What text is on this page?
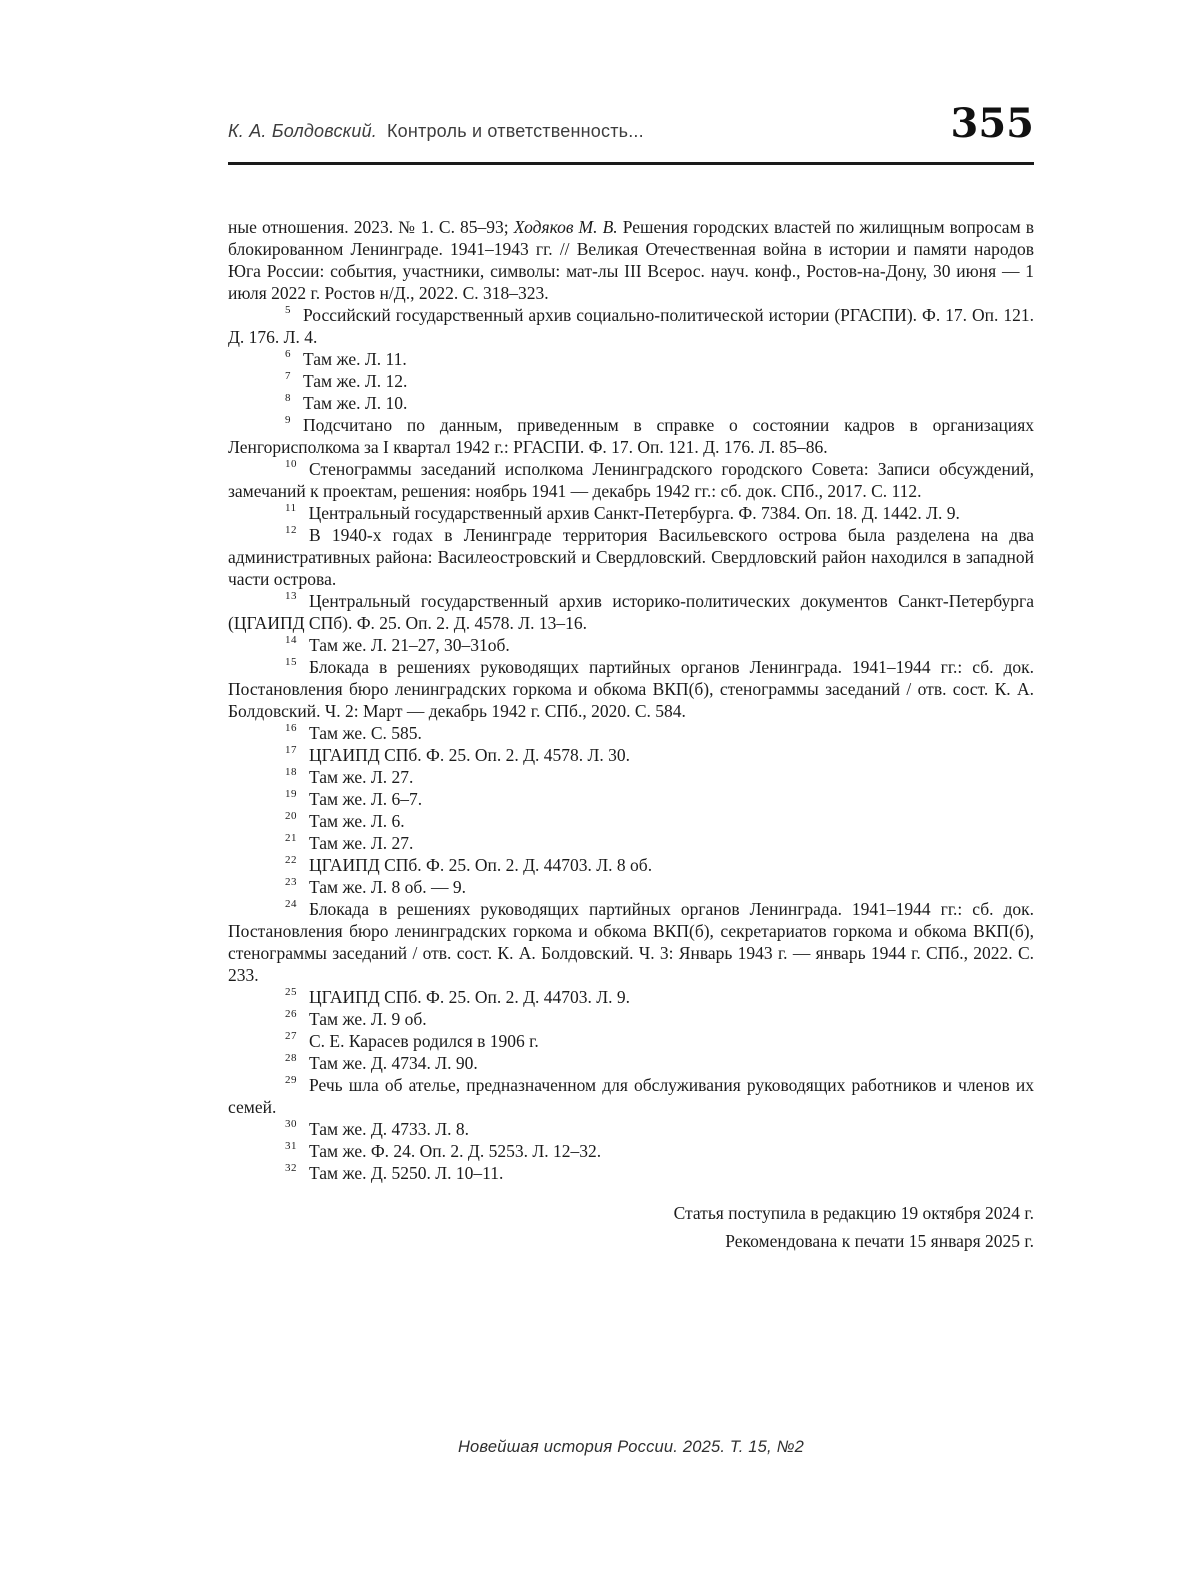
К. А. Болдовский. Контроль и ответственность...	355

ные отношения. 2023. № 1. С. 85–93; Ходяков М. В. Решения городских властей по жилищным вопросам в блокированном Ленинграде. 1941–1943 гг. // Великая Отечественная война в истории и памяти народов Юга России: события, участники, символы: мат-лы III Всерос. науч. конф., Ростов-на-Дону, 30 июня — 1 июля 2022 г. Ростов н/Д., 2022. С. 318–323.

$^5$ Российский государственный архив социально-политической истории (РГАСПИ). Ф. 17. Оп. 121. Д. 176. Л. 4.

$^6$ Там же. Л. 11.

$^7$ Там же. Л. 12.

$^8$ Там же. Л. 10.

$^9$ Подсчитано по данным, приведенным в справке о состоянии кадров в организациях Ленгорисполкома за I квартал 1942 г.: РГАСПИ. Ф. 17. Оп. 121. Д. 176. Л. 85–86.

$^{10}$ Стенограммы заседаний исполкома Ленинградского городского Совета: Записи обсуждений, замечаний к проектам, решения: ноябрь 1941 — декабрь 1942 гг.: сб. док. СПб., 2017. С. 112.

$^{11}$ Центральный государственный архив Санкт-Петербурга. Ф. 7384. Оп. 18. Д. 1442. Л. 9.

$^{12}$ В 1940-х годах в Ленинграде территория Васильевского острова была разделена на два административных района: Василеостровский и Свердловский. Свердловский район находился в западной части острова.

$^{13}$ Центральный государственный архив историко-политических документов Санкт-Петербурга (ЦГАИПД СПб). Ф. 25. Оп. 2. Д. 4578. Л. 13–16.

$^{14}$ Там же. Л. 21–27, 30–31об.

$^{15}$ Блокада в решениях руководящих партийных органов Ленинграда. 1941–1944 гг.: сб. док. Постановления бюро ленинградских горкома и обкома ВКП(б), стенограммы заседаний / отв. сост. К. А. Болдовский. Ч. 2: Март — декабрь 1942 г. СПб., 2020. С. 584.

$^{16}$ Там же. С. 585.

$^{17}$ ЦГАИПД СПб. Ф. 25. Оп. 2. Д. 4578. Л. 30.

$^{18}$ Там же. Л. 27.

$^{19}$ Там же. Л. 6–7.

$^{20}$ Там же. Л. 6.

$^{21}$ Там же. Л. 27.

$^{22}$ ЦГАИПД СПб. Ф. 25. Оп. 2. Д. 44703. Л. 8 об.

$^{23}$ Там же. Л. 8 об. — 9.

$^{24}$ Блокада в решениях руководящих партийных органов Ленинграда. 1941–1944 гг.: сб. док. Постановления бюро ленинградских горкома и обкома ВКП(б), секретариатов горкома и обкома ВКП(б), стенограммы заседаний / отв. сост. К. А. Болдовский. Ч. 3: Январь 1943 г. — январь 1944 г. СПб., 2022. С. 233.

$^{25}$ ЦГАИПД СПб. Ф. 25. Оп. 2. Д. 44703. Л. 9.

$^{26}$ Там же. Л. 9 об.

$^{27}$ С. Е. Карасев родился в 1906 г.

$^{28}$ Там же. Д. 4734. Л. 90.

$^{29}$ Речь шла об ателье, предназначенном для обслуживания руководящих работников и членов их семей.

$^{30}$ Там же. Д. 4733. Л. 8.

$^{31}$ Там же. Ф. 24. Оп. 2. Д. 5253. Л. 12–32.

$^{32}$ Там же. Д. 5250. Л. 10–11.

Статья поступила в редакцию 19 октября 2024 г.
Рекомендована к печати 15 января 2025 г.
Новейшая история России. 2025. Т. 15, №2
